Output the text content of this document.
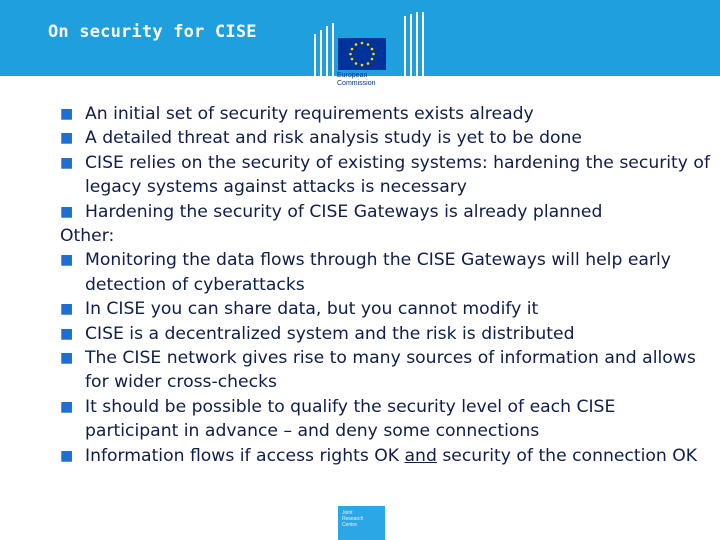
On security for CISE
European
Commission
■ An initial set of security requirements exists already
■ A detailed threat and risk analysis study is yet to be done
■ CISE relies on the security of existing systems: hardening the security of legacy systems against attacks is necessary
■ Hardening the security of CISE Gateways is already planned
Other:
■ Monitoring the data flows through the CISE Gateways will help early detection of cyberattacks
■ In CISE you can share data, but you cannot modify it
■ CISE is a decentralized system and the risk is distributed
■ The CISE network gives rise to many sources of information and allows for wider cross-checks
■ It should be possible to qualify the security level of each CISE participant in advance – and deny some connections
■ Information flows if access rights OK and security of the connection OK
Joint
Research
Centre
